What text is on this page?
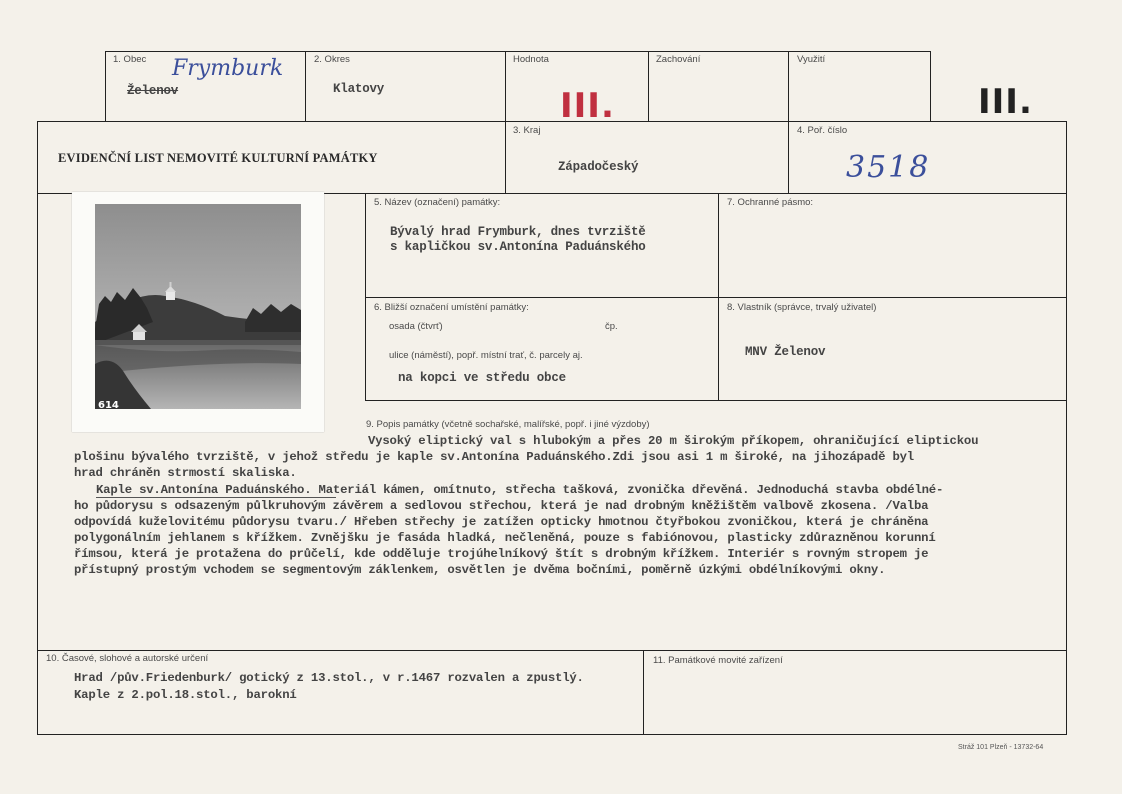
1. Obec Frymburk
Želenov
2. Okres
Klatovy
Hodnota
III.
Zachování	Využití
III.
EVIDENČNÍ LIST NEMOVITÉ KULTURNÍ PAMÁTKY
3. Kraj
Západočeský
4. Poř. číslo
3518
614
5. Název (označení) památky:
Bývalý hrad Frymburk, dnes tvrziště
s kapličkou sv.Antonína Paduánského
7. Ochranné pásmo:
6. Bližší označení umístění památky:
osada (čtvrť)	čp.
ulice (náměstí), popř. místní trať, č. parcely aj.
na kopci ve středu obce
8. Vlastník (správce, trvalý uživatel)
MNV Želenov
9. Popis památky (včetně sochařské, malířské, popř. i jiné výzdoby)
Vysoký eliptický val s hlubokým a přes 20 m širokým příkopem, ohraničující eliptickou
plošinu bývalého tvrziště, v jehož středu je kaple sv.Antonína Paduánského.Zdi jsou asi 1 m široké, na jihozápadě byl
hrad chráněn strmostí skaliska.
Kaple sv.Antonína Paduánského. Materiál kámen, omítnuto, střecha tašková, zvonička dřevěná. Jednoduchá stavba obdélné-
ho půdorysu s odsazeným půlkruhovým závěrem a sedlovou střechou, která je nad drobným kněžištěm valbově zkosena. /Valba
odpovídá kuželovitému půdorysu tvaru./ Hřeben střechy je zatížen opticky hmotnou čtyřbokou zvoničkou, která je chráněna
polygonálním jehlanem s křížkem. Zvnějšku je fasáda hladká, nečleněná, pouze s fabiónovou, plasticky zdůrazněnou korunní
římsou, která je protažena do průčelí, kde odděluje trojúhelníkový štít s drobným křížkem. Interiér s rovným stropem je
přístupný prostým vchodem se segmentovým záklenkem, osvětlen je dvěma bočními, poměrně úzkými obdélníkovými okny.
10. Časové, slohové a autorské určení
Hrad /pův.Friedenburk/ gotický z 13.stol., v r.1467 rozvalen a zpustlý.
Kaple z 2.pol.18.stol., barokní
11. Památkové movité zařízení
Stráž 101 Plzeň - 13732-64
